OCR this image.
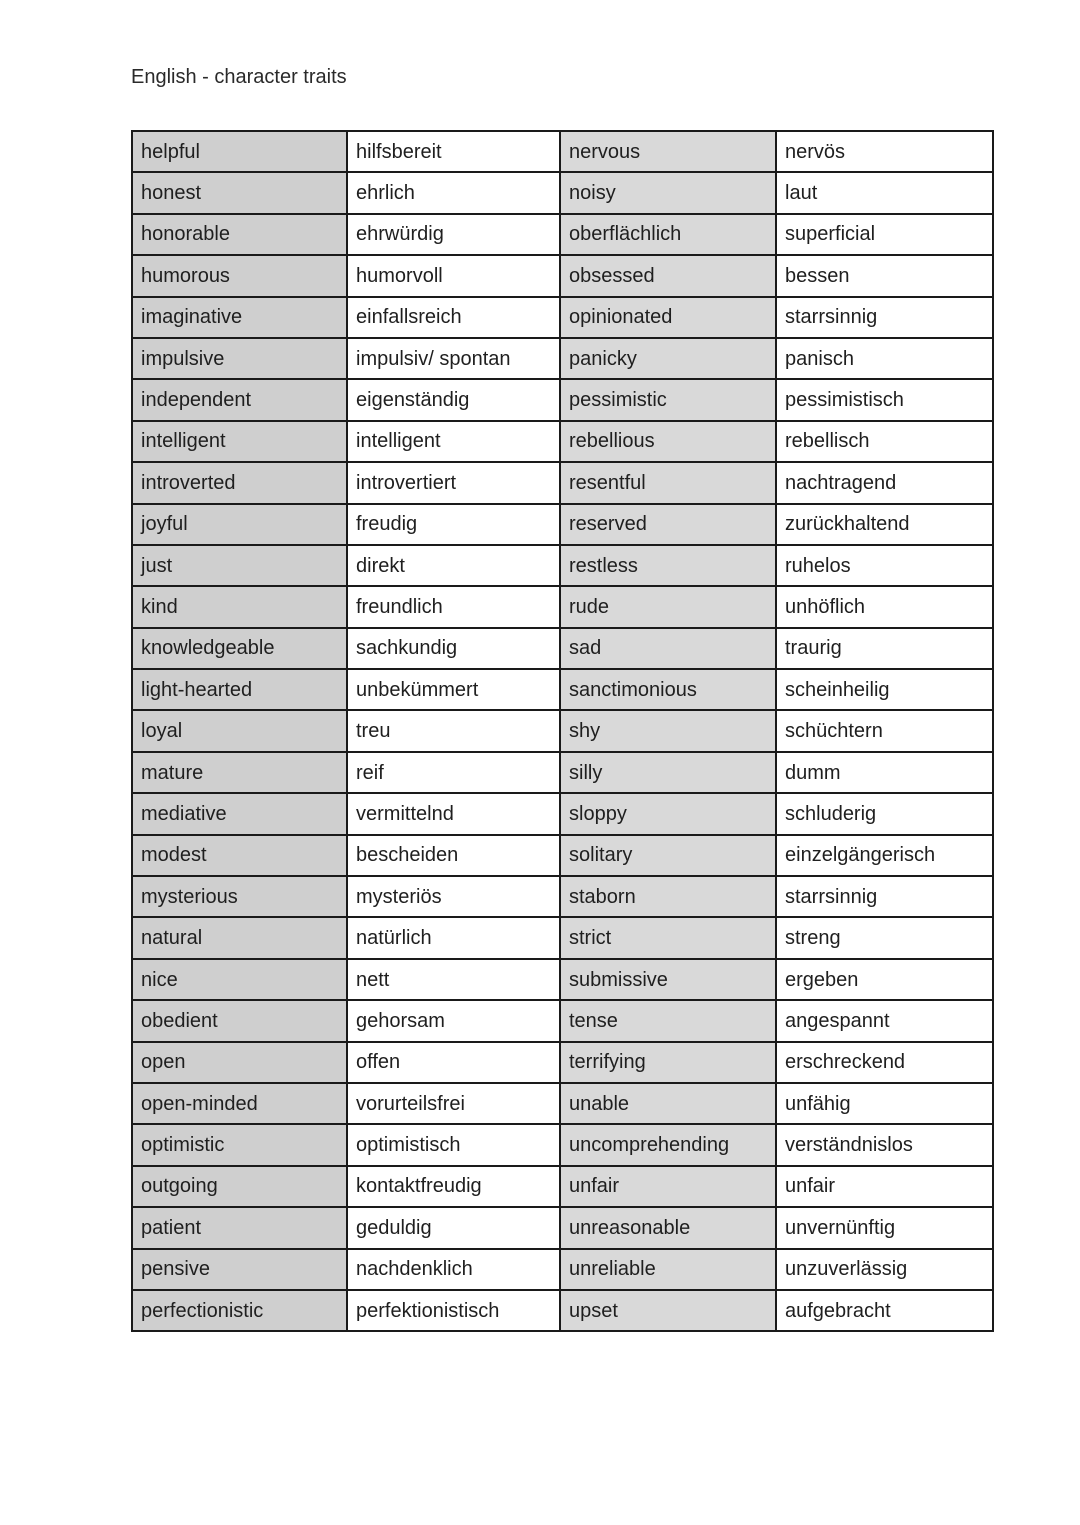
English - character traits
helpful	hilfsbereit	nervous	nervös
honest	ehrlich	noisy	laut
honorable	ehrwürdig	oberflächlich	superficial
humorous	humorvoll	obsessed	bessen
imaginative	einfallsreich	opinionated	starrsinnig
impulsive	impulsiv/ spontan	panicky	panisch
independent	eigenständig	pessimistic	pessimistisch
intelligent	intelligent	rebellious	rebellisch
introverted	introvertiert	resentful	nachtragend
joyful	freudig	reserved	zurückhaltend
just	direkt	restless	ruhelos
kind	freundlich	rude	unhöflich
knowledgeable	sachkundig	sad	traurig
light-hearted	unbekümmert	sanctimonious	scheinheilig
loyal	treu	shy	schüchtern
mature	reif	silly	dumm
mediative	vermittelnd	sloppy	schluderig
modest	bescheiden	solitary	einzelgängerisch
mysterious	mysteriös	staborn	starrsinnig
natural	natürlich	strict	streng
nice	nett	submissive	ergeben
obedient	gehorsam	tense	angespannt
open	offen	terrifying	erschreckend
open-minded	vorurteilsfrei	unable	unfähig
optimistic	optimistisch	uncomprehending	verständnislos
outgoing	kontaktfreudig	unfair	unfair
patient	geduldig	unreasonable	unvernünftig
pensive	nachdenklich	unreliable	unzuverlässig
perfectionistic	perfektionistisch	upset	aufgebracht
